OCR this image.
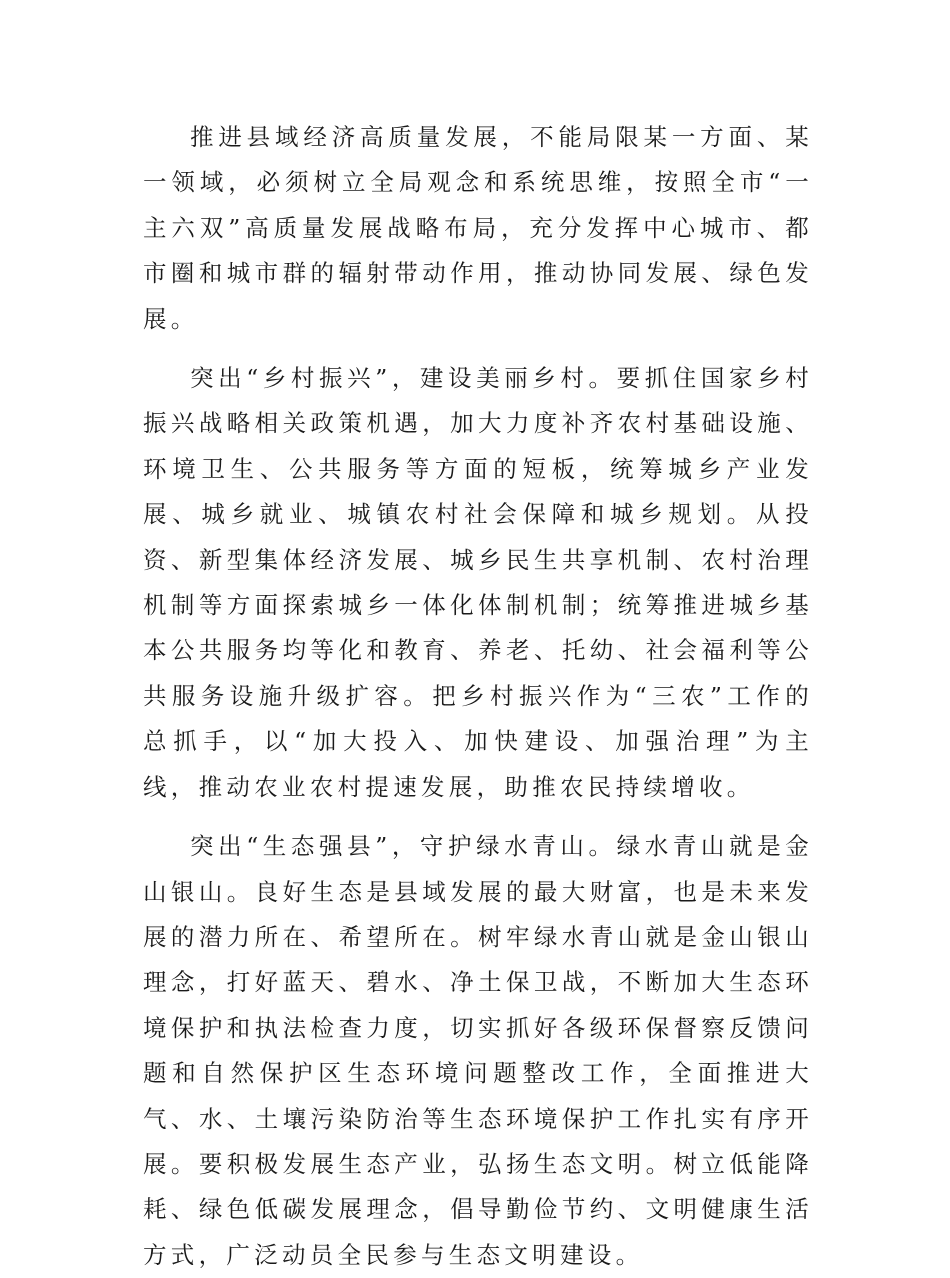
推进县域经济高质量发展，不能局限某一方面、某一领域，必须树立全局观念和系统思维，按照全市“一主六双”高质量发展战略布局，充分发挥中心城市、都市圈和城市群的辐射带动作用，推动协同发展、绿色发展。

突出“乡村振兴”，建设美丽乡村。要抓住国家乡村振兴战略相关政策机遇，加大力度补齐农村基础设施、环境卫生、公共服务等方面的短板，统筹城乡产业发展、城乡就业、城镇农村社会保障和城乡规划。从投资、新型集体经济发展、城乡民生共享机制、农村治理机制等方面探索城乡一体化体制机制；统筹推进城乡基本公共服务均等化和教育、养老、托幼、社会福利等公共服务设施升级扩容。把乡村振兴作为“三农”工作的总抓手，以“加大投入、加快建设、加强治理”为主线，推动农业农村提速发展，助推农民持续增收。

突出“生态强县”，守护绿水青山。绿水青山就是金山银山。良好生态是县域发展的最大财富，也是未来发展的潜力所在、希望所在。树牢绿水青山就是金山银山理念，打好蓝天、碧水、净土保卫战，不断加大生态环境保护和执法检查力度，切实抓好各级环保督察反馈问题和自然保护区生态环境问题整改工作，全面推进大气、水、土壤污染防治等生态环境保护工作扎实有序开展。要积极发展生态产业，弘扬生态文明。树立低能降耗、绿色低碳发展理念，倡导勤俭节约、文明健康生活方式，广泛动员全民参与生态文明建设。
